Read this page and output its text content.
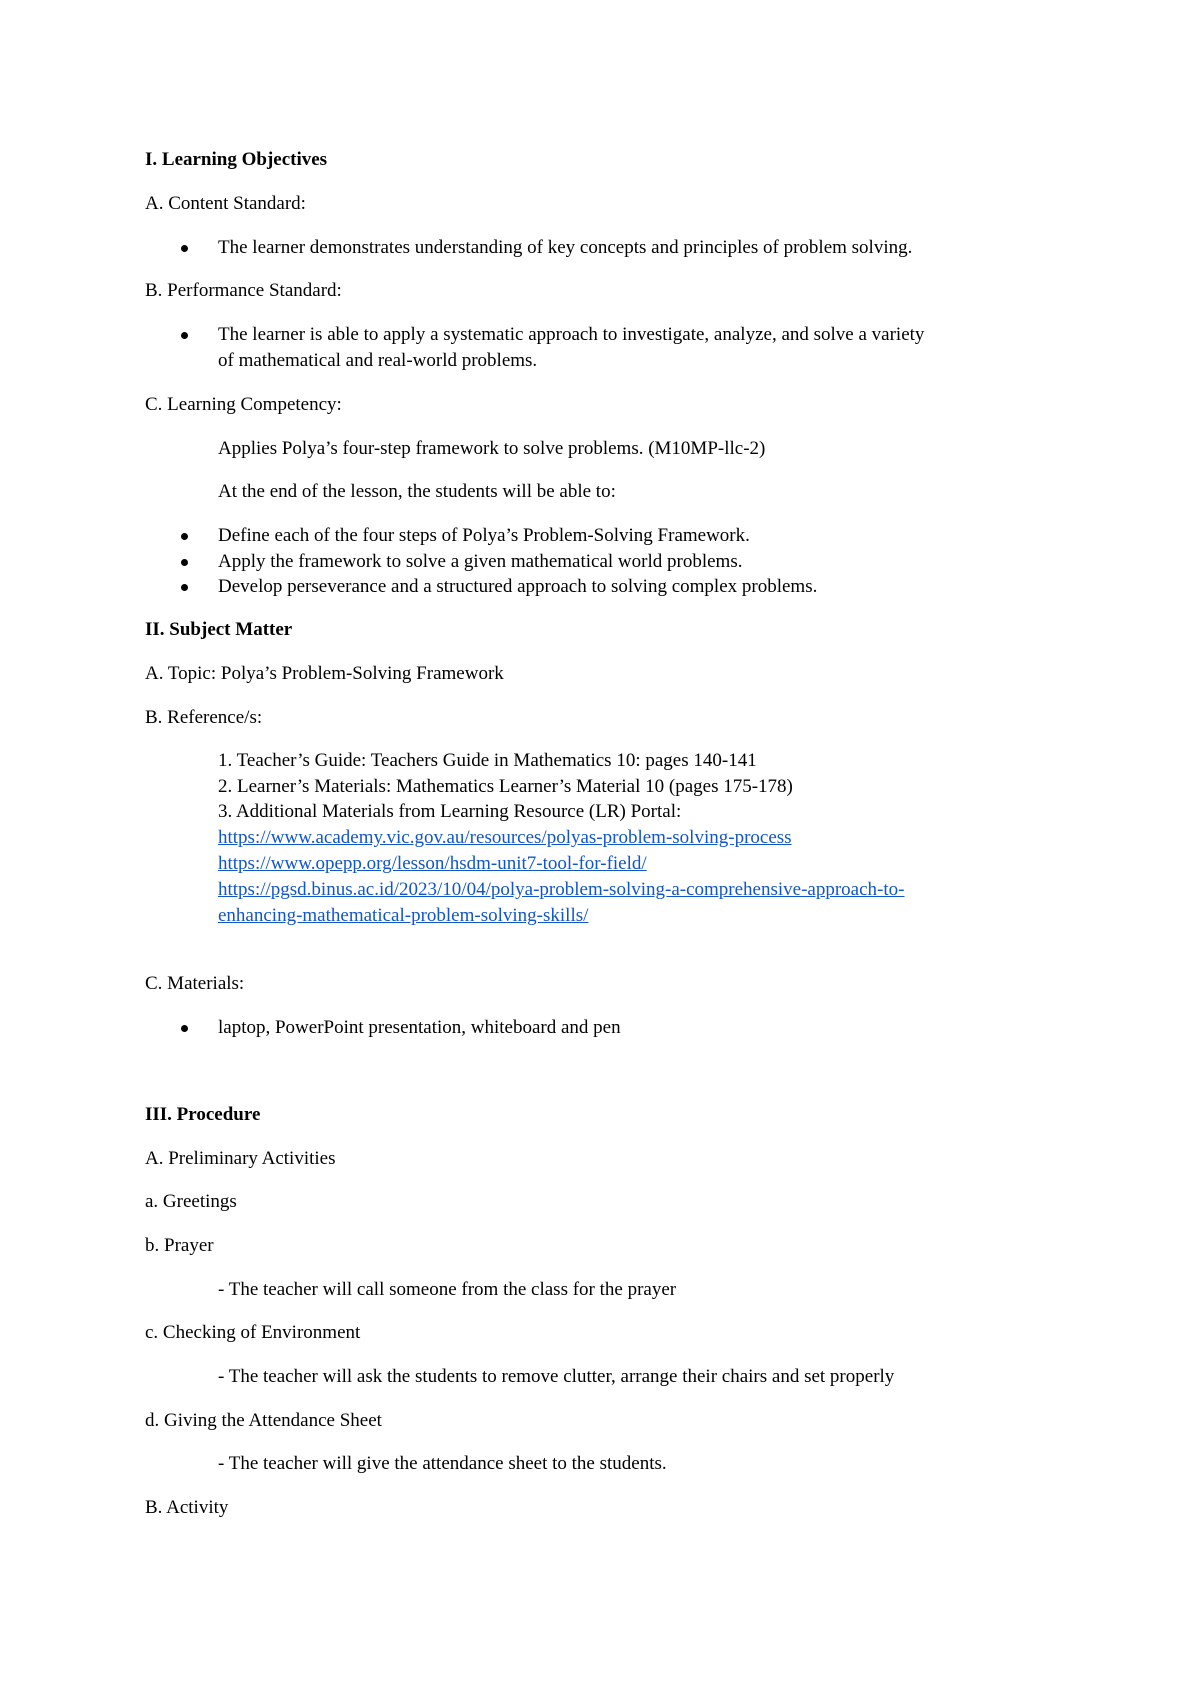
I. Learning Objectives
A. Content Standard:
The learner demonstrates understanding of key concepts and principles of problem solving.
B. Performance Standard:
The learner is able to apply a systematic approach to investigate, analyze, and solve a variety
of mathematical and real-world problems.
C. Learning Competency:
Applies Polya’s four-step framework to solve problems. (M10MP-llc-2)
At the end of the lesson, the students will be able to:
Define each of the four steps of Polya’s Problem-Solving Framework.
Apply the framework to solve a given mathematical world problems.
Develop perseverance and a structured approach to solving complex problems.
II. Subject Matter
A. Topic: Polya’s Problem-Solving Framework
B. Reference/s:
1. Teacher’s Guide: Teachers Guide in Mathematics 10: pages 140-141
2. Learner’s Materials: Mathematics Learner’s Material 10 (pages 175-178)
3. Additional Materials from Learning Resource (LR) Portal:
https://www.academy.vic.gov.au/resources/polyas-problem-solving-process
https://www.opepp.org/lesson/hsdm-unit7-tool-for-field/
https://pgsd.binus.ac.id/2023/10/04/polya-problem-solving-a-comprehensive-approach-to-
enhancing-mathematical-problem-solving-skills/
C. Materials:
laptop, PowerPoint presentation, whiteboard and pen
III. Procedure
A. Preliminary Activities
a. Greetings
b. Prayer
- The teacher will call someone from the class for the prayer
c. Checking of Environment
- The teacher will ask the students to remove clutter, arrange their chairs and set properly
d. Giving the Attendance Sheet
- The teacher will give the attendance sheet to the students.
B. Activity
